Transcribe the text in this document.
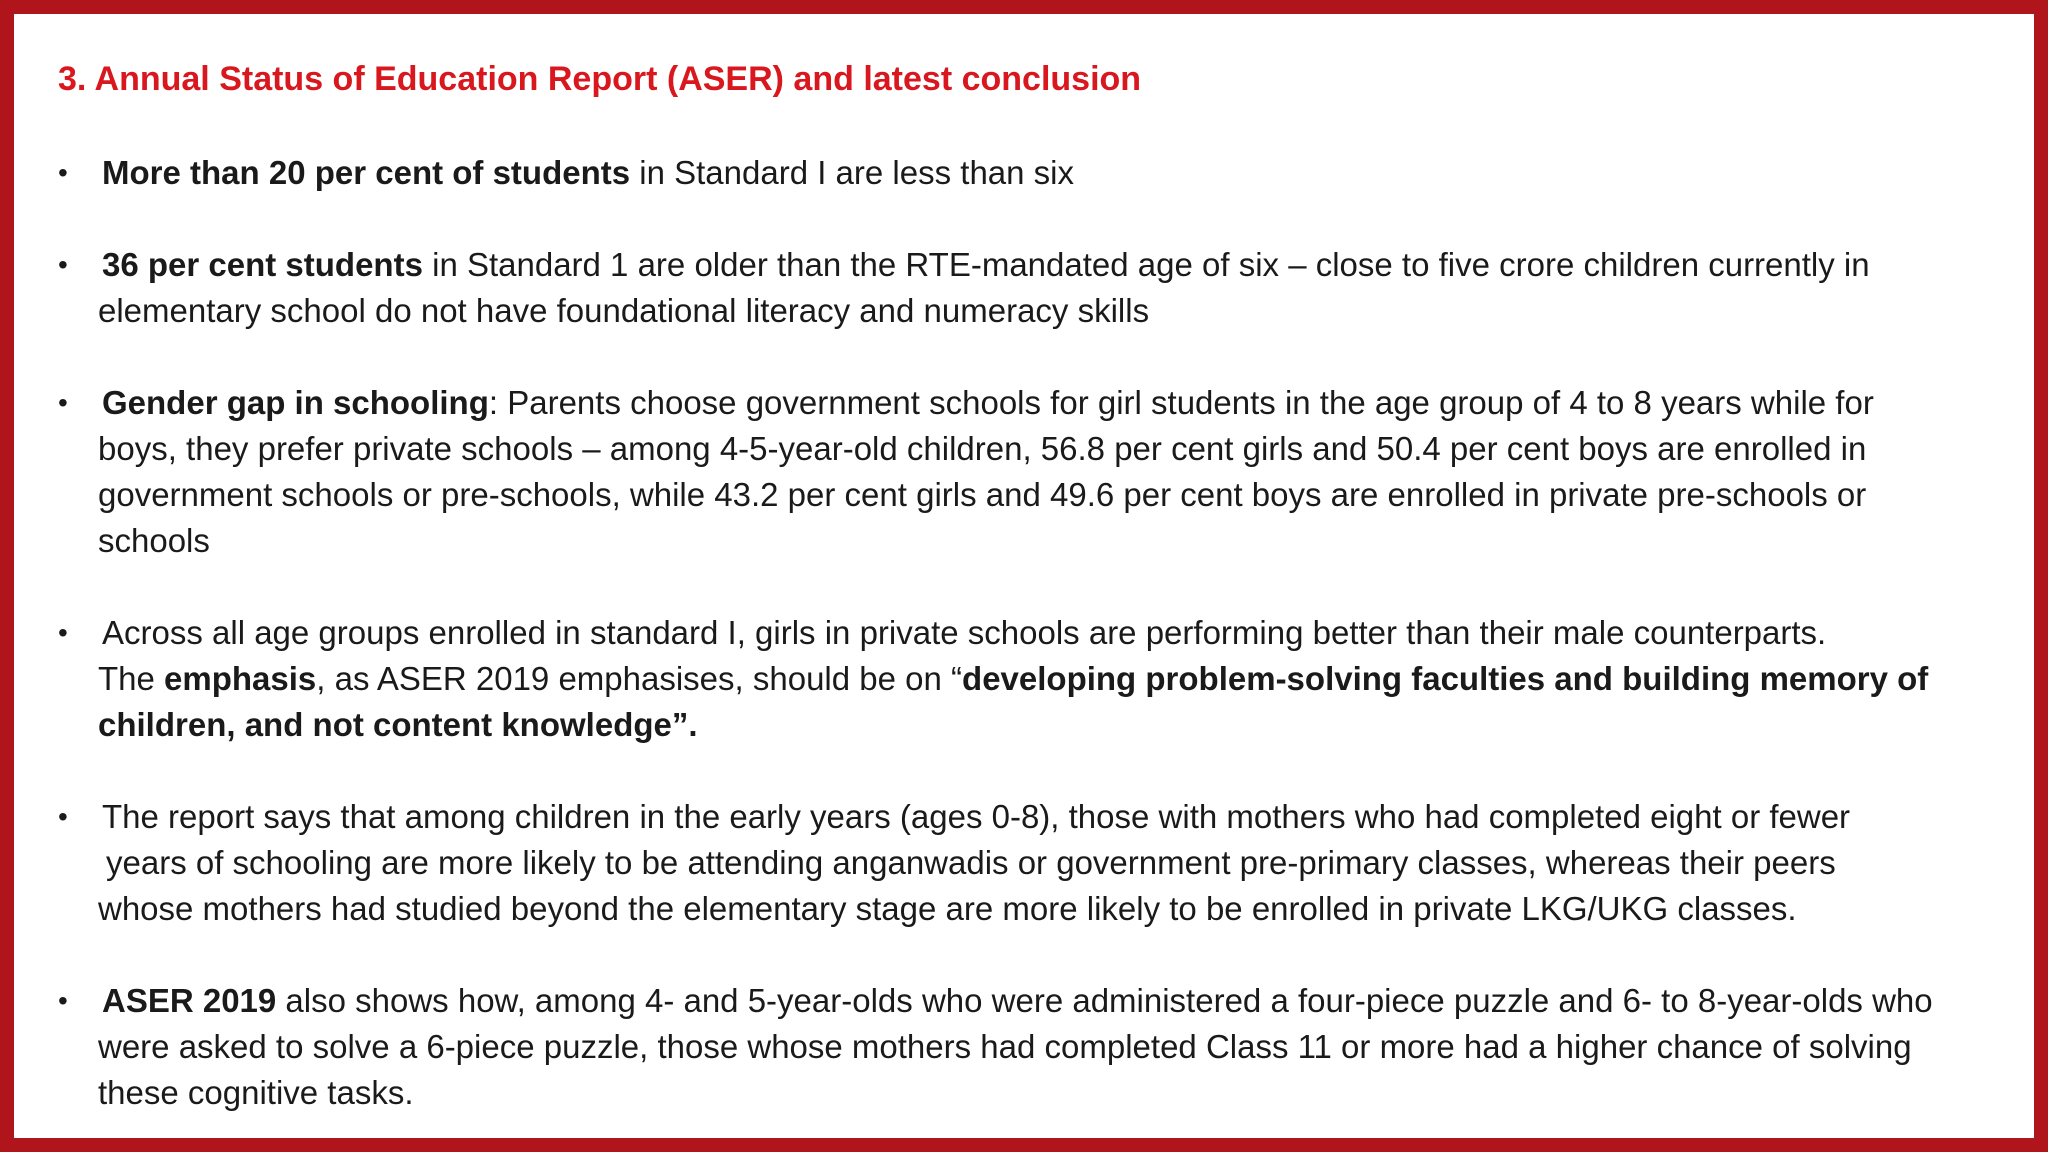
3. Annual Status of Education Report (ASER) and latest conclusion
• More than 20 per cent of students in Standard I are less than six
• 36 per cent students in Standard 1 are older than the RTE-mandated age of six – close to five crore children currently in
elementary school do not have foundational literacy and numeracy skills
• Gender gap in schooling: Parents choose government schools for girl students in the age group of 4 to 8 years while for
boys, they prefer private schools – among 4-5-year-old children, 56.8 per cent girls and 50.4 per cent boys are enrolled in
government schools or pre-schools, while 43.2 per cent girls and 49.6 per cent boys are enrolled in private pre-schools or
schools
• Across all age groups enrolled in standard I, girls in private schools are performing better than their male counterparts.
The emphasis, as ASER 2019 emphasises, should be on “developing problem-solving faculties and building memory of
children, and not content knowledge”.
• The report says that among children in the early years (ages 0-8), those with mothers who had completed eight or fewer
years of schooling are more likely to be attending anganwadis or government pre-primary classes, whereas their peers
whose mothers had studied beyond the elementary stage are more likely to be enrolled in private LKG/UKG classes.
• ASER 2019 also shows how, among 4- and 5-year-olds who were administered a four-piece puzzle and 6- to 8-year-olds who
were asked to solve a 6-piece puzzle, those whose mothers had completed Class 11 or more had a higher chance of solving
these cognitive tasks.
